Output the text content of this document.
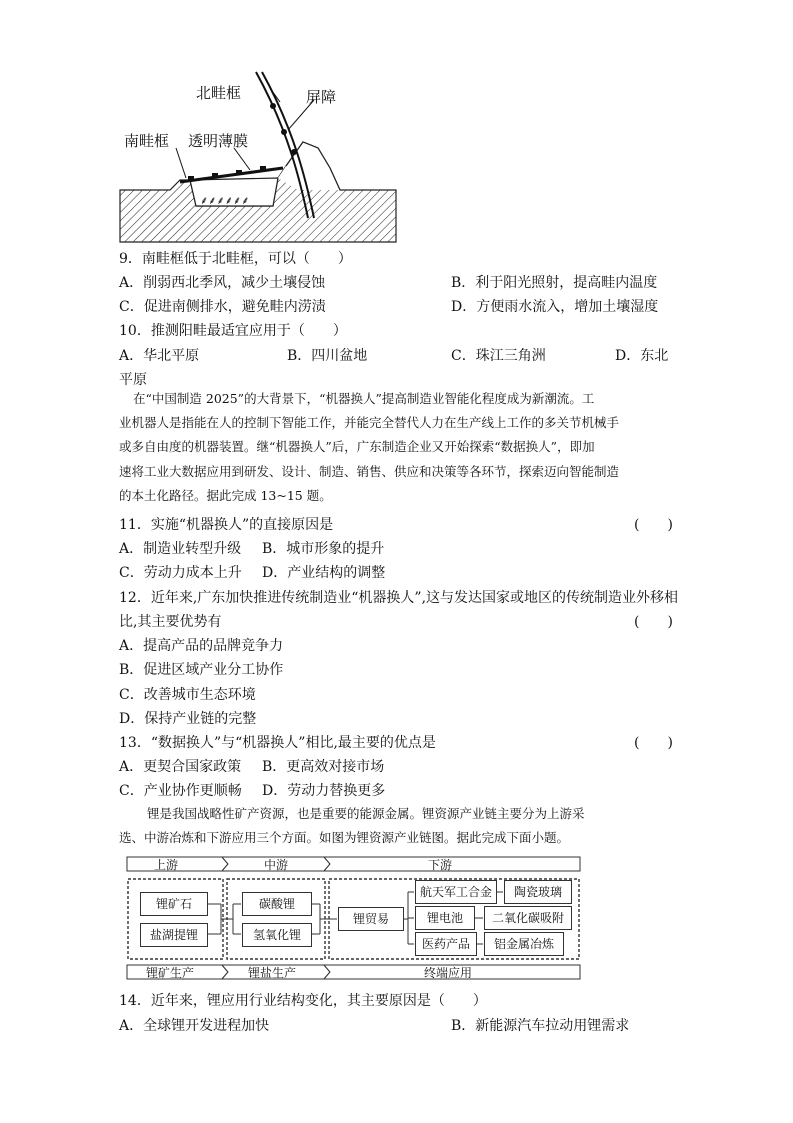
⸙⸙⸙⸙⸙⸙
北畦框	屏障
南畦框 透明薄膜
9．南畦框低于北畦框，可以（　　）
A．削弱西北季风，减少土壤侵蚀	B．利于阳光照射，提高畦内温度
C．促进南侧排水，避免畦内涝渍	D．方便雨水流入，增加土壤湿度
10．推测阳畦最适宜应用于（　　）
A．华北平原	B．四川盆地	C．珠江三角洲	D．东北
平原
在“中国制造 2025”的大背景下，“机器换人”提高制造业智能化程度成为新潮流。工
业机器人是指能在人的控制下智能工作，并能完全替代人力在生产线上工作的多关节机械手
或多自由度的机器装置。继“机器换人”后，广东制造企业又开始探索“数据换人”，即加
速将工业大数据应用到研发、设计、制造、销售、供应和决策等各环节，探索迈向智能制造
的本土化路径。据此完成 13~15 题。
11．实施“机器换人”的直接原因是	(　　)
A．制造业转型升级 B．城市形象的提升
C．劳动力成本上升 D．产业结构的调整
12．近年来,广东加快推进传统制造业“机器换人”,这与发达国家或地区的传统制造业外移相
比,其主要优势有	(　　)
A．提高产品的品牌竞争力
B．促进区域产业分工协作
C．改善城市生态环境
D．保持产业链的完整
13．“数据换人”与“机器换人”相比,最主要的优点是	(　　)
A．更契合国家政策 B．更高效对接市场
C．产业协作更顺畅 D．劳动力替换更多
锂是我国战略性矿产资源，也是重要的能源金属。锂资源产业链主要分为上游采
选、中游冶炼和下游应用三个方面。如图为锂资源产业链图。据此完成下面小题。
上游	中游	下游
锂矿石
盐湖提锂
碳酸锂
氢氧化锂
锂贸易
航天军工合金	陶瓷玻璃
锂电池	二氧化碳吸附
医药产品	铝金属冶炼
锂矿生产	锂盐生产	终端应用
14．近年来，锂应用行业结构变化，其主要原因是（　　）
A．全球锂开发进程加快	B．新能源汽车拉动用锂需求
